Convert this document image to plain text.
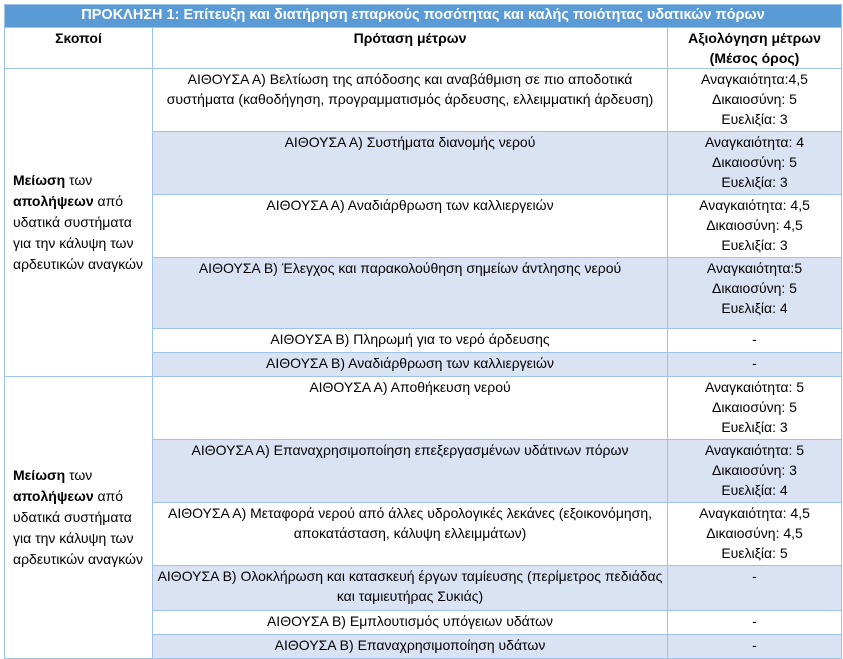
ΠΡΟΚΛΗΣΗ 1: Επίτευξη και διατήρηση επαρκούς ποσότητας και καλής ποιότητας υδατικών πόρων		
Σκοποί	Πρόταση μέτρων	Αξιολόγηση μέτρων
(Μέσος όρος)

Μείωση των απολήψεων από υδατικά συστήματα για την κάλυψη των αρδευτικών αναγκών	ΑΙΘΟΥΣΑ Α) Βελτίωση της απόδοσης και αναβάθμιση σε πιο αποδοτικά συστήματα (καθοδήγηση, προγραμματισμός άρδευσης, ελλειμματική άρδευση)	Αναγκαιότητα:4,5
Δικαιοσύνη: 5
Ευελιξία: 3

	ΑΙΘΟΥΣΑ Α) Συστήματα διανομής νερού	Αναγκαιότητα: 4
Δικαιοσύνη: 5
Ευελιξία: 3

	ΑΙΘΟΥΣΑ Α) Αναδιάρθρωση των καλλιεργειών	Αναγκαιότητα: 4,5
Δικαιοσύνη: 4,5
Ευελιξία: 3

	ΑΙΘΟΥΣΑ Β) Έλεγχος και παρακολούθηση σημείων άντλησης νερού	Αναγκαιότητα:5
Δικαιοσύνη: 5
Ευελιξία: 4

	ΑΙΘΟΥΣΑ Β) Πληρωμή για το νερό άρδευσης	-

	ΑΙΘΟΥΣΑ Β) Αναδιάρθρωση των καλλιεργειών	-

Μείωση των απολήψεων από υδατικά συστήματα για την κάλυψη των αρδευτικών αναγκών	ΑΙΘΟΥΣΑ Α) Αποθήκευση νερού	Αναγκαιότητα: 5
Δικαιοσύνη: 5
Ευελιξία: 3

	ΑΙΘΟΥΣΑ Α) Επαναχρησιμοποίηση επεξεργασμένων υδάτινων πόρων	Αναγκαιότητα: 5
Δικαιοσύνη: 3
Ευελιξία: 4

	ΑΙΘΟΥΣΑ Α) Μεταφορά νερού από άλλες υδρολογικές λεκάνες (εξοικονόμηση, αποκατάσταση, κάλυψη ελλειμμάτων)	Αναγκαιότητα: 4,5
Δικαιοσύνη: 4,5
Ευελιξία: 5

	ΑΙΘΟΥΣΑ Β) Ολοκλήρωση και κατασκευή έργων ταμίευσης (περίμετρος πεδιάδας και ταμιευτήρας Συκιάς)	-

	ΑΙΘΟΥΣΑ Β) Εμπλουτισμός υπόγειων υδάτων	-

	ΑΙΘΟΥΣΑ Β) Επαναχρησιμοποίηση υδάτων	-
